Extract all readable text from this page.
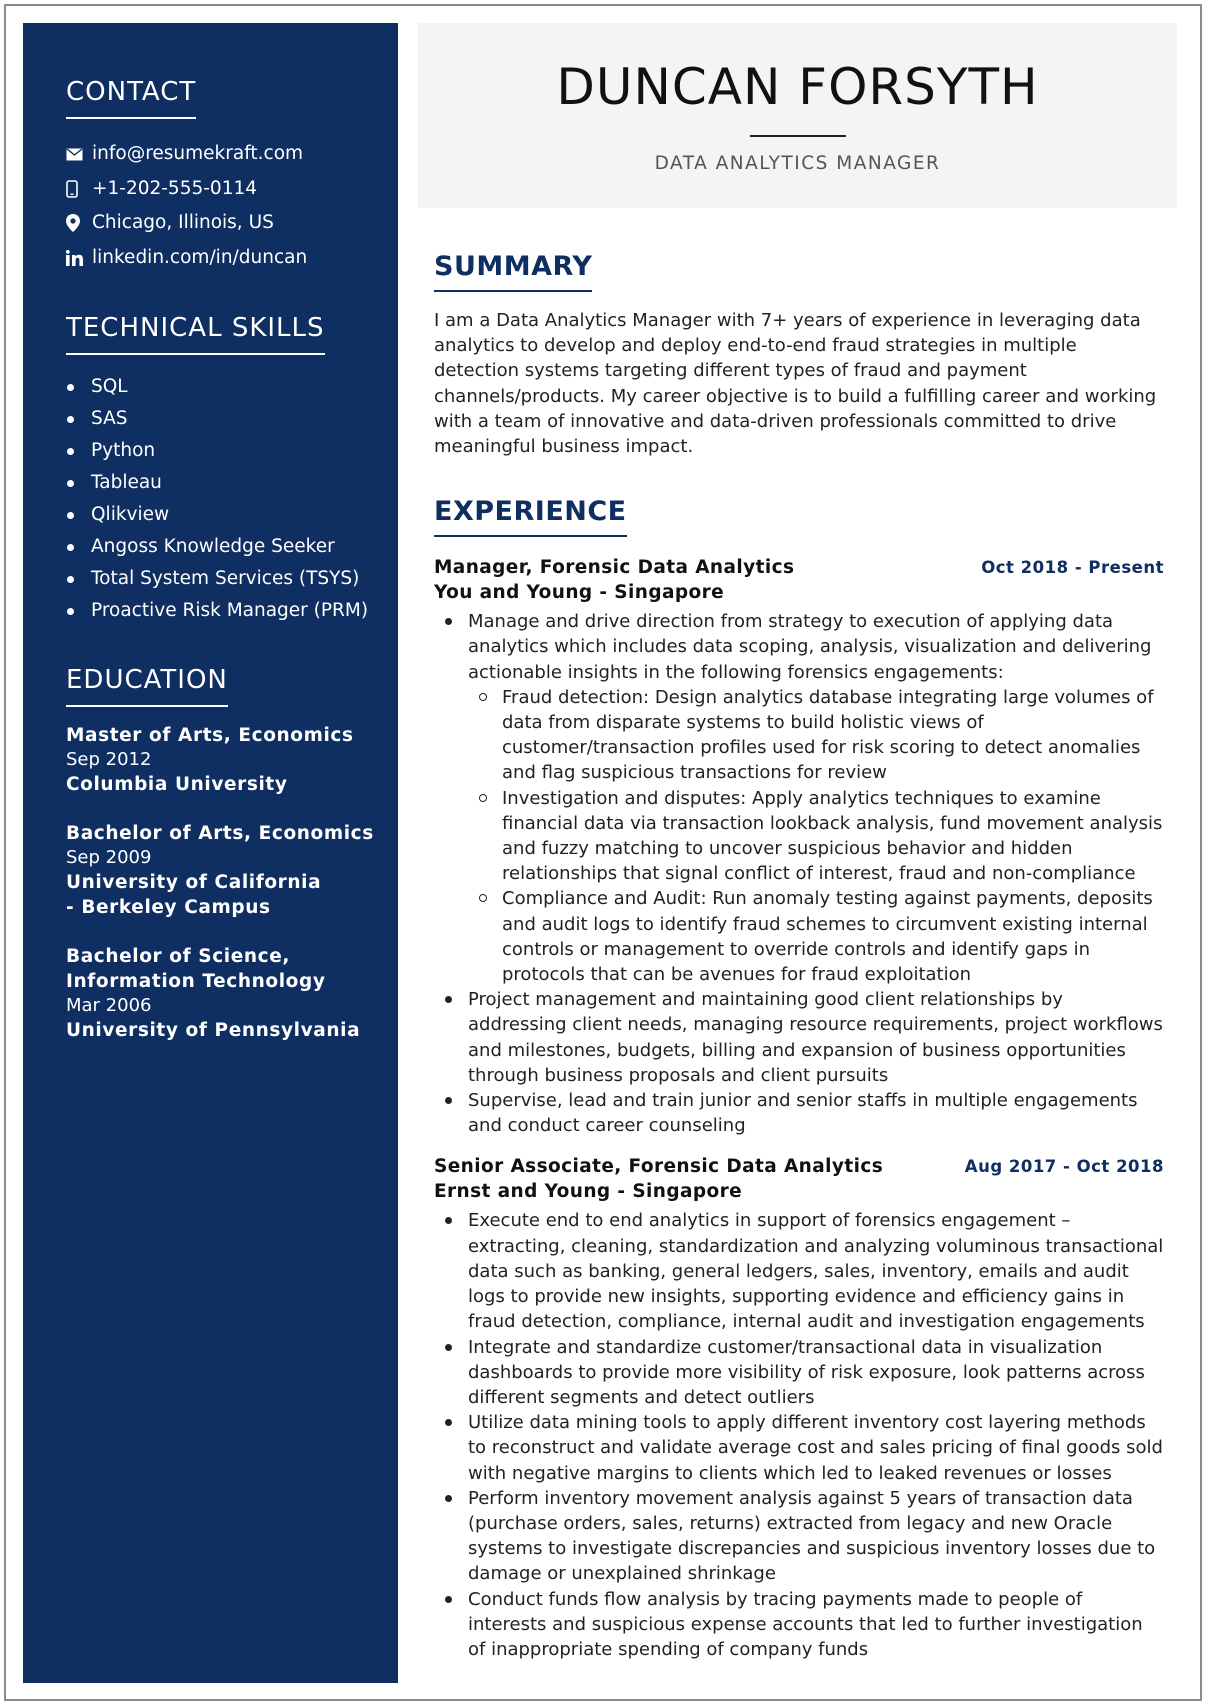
CONTACT
info@resumekraft.com
+1-202-555-0114
Chicago, Illinois, US
linkedin.com/in/duncan
TECHNICAL SKILLS
SQL
SAS
Python
Tableau
Qlikview
Angoss Knowledge Seeker
Total System Services (TSYS)
Proactive Risk Manager (PRM)
EDUCATION
Master of Arts, Economics
Sep 2012
Columbia University
Bachelor of Arts, Economics
Sep 2009
University of California - Berkeley Campus
Bachelor of Science, Information Technology
Mar 2006
University of Pennsylvania
DUNCAN FORSYTH
DATA ANALYTICS MANAGER
SUMMARY

I am a Data Analytics Manager with 7+ years of experience in leveraging data analytics to develop and deploy end-to-end fraud strategies in multiple detection systems targeting different types of fraud and payment channels/products. My career objective is to build a fulfilling career and working with a team of innovative and data-driven professionals committed to drive meaningful business impact.

EXPERIENCE
Manager, Forensic Data Analytics	Oct 2018 - Present
You and Young - Singapore
Manage and drive direction from strategy to execution of applying data analytics which includes data scoping, analysis, visualization and delivering actionable insights in the following forensics engagements:
Fraud detection: Design analytics database integrating large volumes of data from disparate systems to build holistic views of customer/transaction profiles used for risk scoring to detect anomalies and flag suspicious transactions for review
Investigation and disputes: Apply analytics techniques to examine financial data via transaction lookback analysis, fund movement analysis and fuzzy matching to uncover suspicious behavior and hidden relationships that signal conflict of interest, fraud and non-compliance
Compliance and Audit: Run anomaly testing against payments, deposits and audit logs to identify fraud schemes to circumvent existing internal controls or management to override controls and identify gaps in protocols that can be avenues for fraud exploitation
Project management and maintaining good client relationships by addressing client needs, managing resource requirements, project workflows and milestones, budgets, billing and expansion of business opportunities through business proposals and client pursuits
Supervise, lead and train junior and senior staffs in multiple engagements and conduct career counseling
Senior Associate, Forensic Data Analytics	Aug 2017 - Oct 2018
Ernst and Young - Singapore
Execute end to end analytics in support of forensics engagement – extracting, cleaning, standardization and analyzing voluminous transactional data such as banking, general ledgers, sales, inventory, emails and audit logs to provide new insights, supporting evidence and efficiency gains in fraud detection, compliance, internal audit and investigation engagements
Integrate and standardize customer/transactional data in visualization dashboards to provide more visibility of risk exposure, look patterns across different segments and detect outliers
Utilize data mining tools to apply different inventory cost layering methods to reconstruct and validate average cost and sales pricing of final goods sold with negative margins to clients which led to leaked revenues or losses
Perform inventory movement analysis against 5 years of transaction data (purchase orders, sales, returns) extracted from legacy and new Oracle systems to investigate discrepancies and suspicious inventory losses due to damage or unexplained shrinkage
Conduct funds flow analysis by tracing payments made to people of interests and suspicious expense accounts that led to further investigation of inappropriate spending of company funds
